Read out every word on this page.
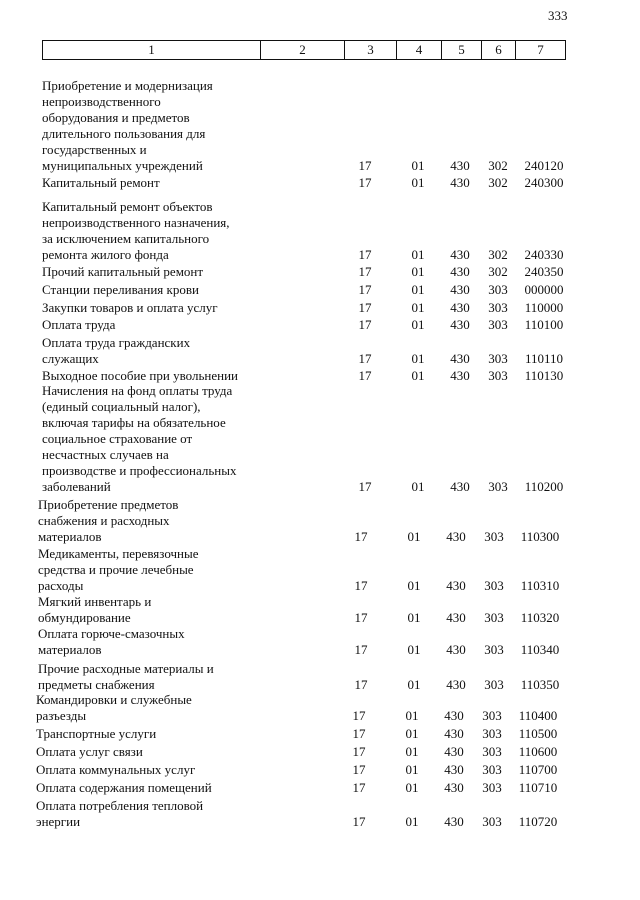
333
1	2	3	4	5	6	7
Приобретение и модернизация
непроизводственного
оборудования и предметов
длительного пользования для
государственных и
муниципальных учреждений	17	01	430	302	240120
Капитальный ремонт	17	01	430	302	240300
Капитальный ремонт объектов
непроизводственного назначения,
за исключением капитального
ремонта жилого фонда	17	01	430	302	240330
Прочий капитальный ремонт	17	01	430	302	240350
Станции переливания крови	17	01	430	303	000000
Закупки товаров и оплата услуг	17	01	430	303	110000
Оплата труда	17	01	430	303	110100
Оплата труда гражданских
служащих	17	01	430	303	110110
Выходное пособие при увольнении	17	01	430	303	110130
Начисления на фонд оплаты труда
(единый социальный налог),
включая тарифы на обязательное
социальное страхование от
несчастных случаев на
производстве и профессиональных
заболеваний	17	01	430	303	110200
Приобретение предметов
снабжения и расходных
материалов	17	01	430	303	110300
Медикаменты, перевязочные
средства и прочие лечебные
расходы	17	01	430	303	110310
Мягкий инвентарь и
обмундирование	17	01	430	303	110320
Оплата горюче-смазочных
материалов	17	01	430	303	110340
Прочие расходные материалы и
предметы снабжения	17	01	430	303	110350
Командировки и служебные
разъезды	17	01	430	303	110400
Транспортные услуги	17	01	430	303	110500
Оплата услуг связи	17	01	430	303	110600
Оплата коммунальных услуг	17	01	430	303	110700
Оплата содержания помещений	17	01	430	303	110710
Оплата потребления тепловой
энергии	17	01	430	303	110720
